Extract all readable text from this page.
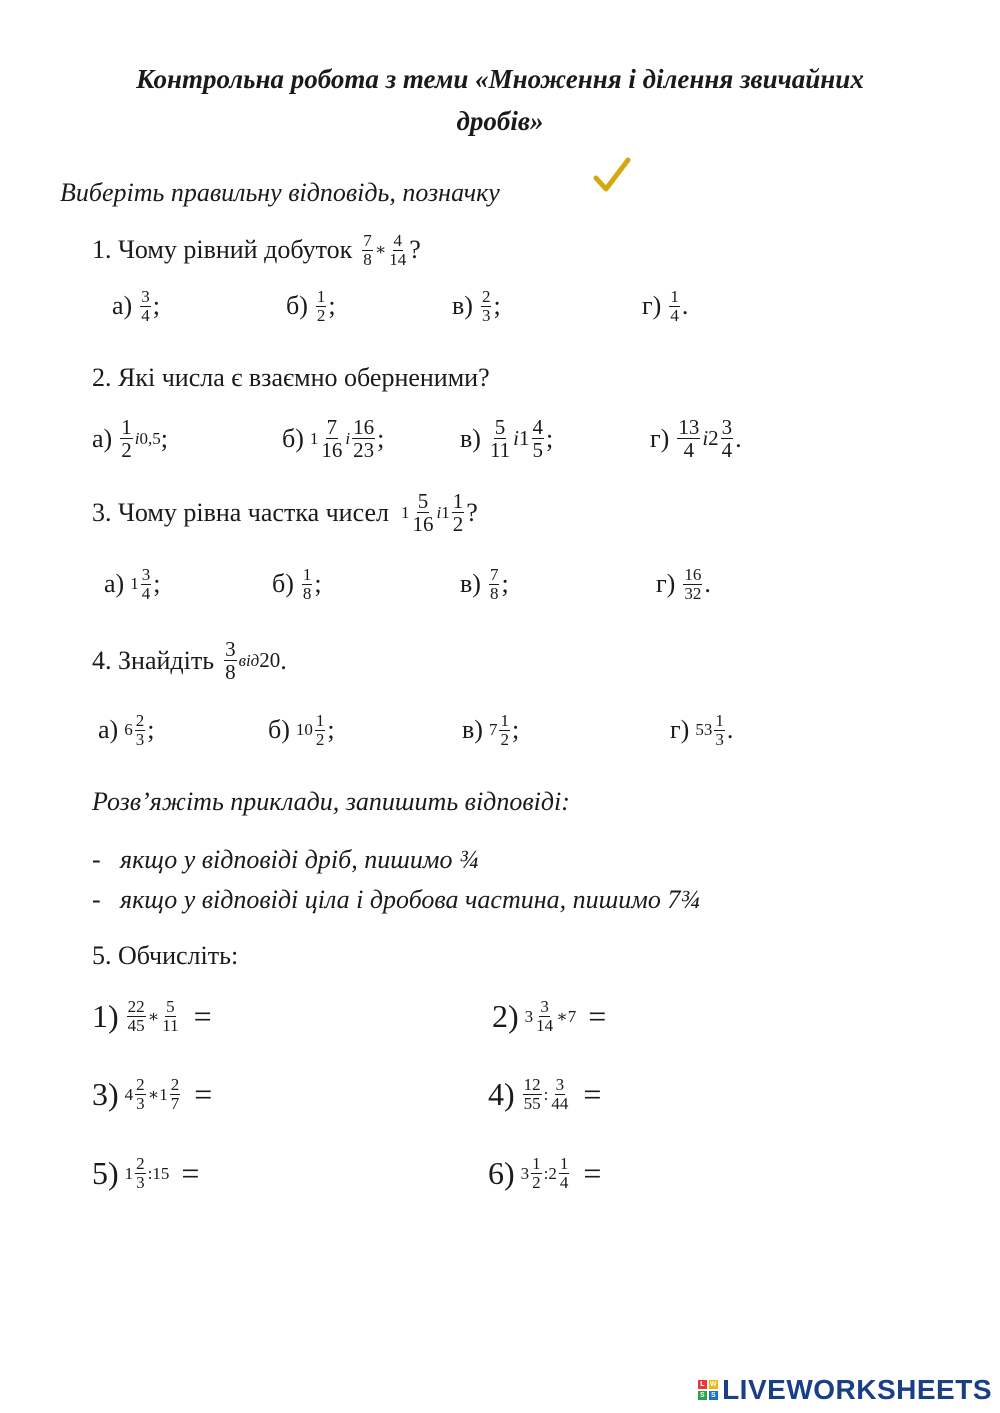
Контрольна робота з теми «Множення і ділення звичайних
дробів»
Виберіть правильну відповідь, позначку
1. Чому рівний добуток $\frac{7}{8}$ ∗ $\frac{4}{14}$ ?
$а) \frac{3}{4}$ ;	$б) \frac{1}{2}$ ;	$в) \frac{2}{3}$ ;	$г) \frac{1}{4}$ .
2. Які числа є взаємно оберненими?
$а) \frac{1}{2}$ і 0,5 ;	б) $1 \frac{7}{16}$ і $\frac{16}{23}$ ;	$в) \frac{5}{11}$ і $1 \frac{4}{5}$ ;	$г) \frac{13}{4}$ і $2 \frac{3}{4}$ .
3. Чому рівна частка чисел $1 \frac{5}{16}$ і $1 \frac{1}{2}$ ?
а) $1 \frac{3}{4}$ ;	$б) \frac{1}{8}$ ;	$в) \frac{7}{8}$ ;	$г) \frac{16}{32}$ .
4. Знайдіть $\frac{3}{8}$ від 20 .
а) $6 \frac{2}{3}$ ;	б) $10 \frac{1}{2}$ ;	в) $7 \frac{1}{2}$ ;	г) $53 \frac{1}{3}$ .
Розв’яжіть приклади, запишить відповіді:
- якщо у відповіді дріб, пишимо ¾
- якщо у відповіді ціла і дробова частина, пишимо 7¾
5. Обчисліть:
$1) \frac{22}{45}$ ∗ $\frac{5}{11}$ =	2) $3 \frac{3}{14}$ ∗ 7 =
3) $4 \frac{2}{3}$ ∗ $1 \frac{2}{7}$ =	$4) \frac{12}{55}$ : $\frac{3}{44}$ =
5) $1 \frac{2}{3}$ : 15 =	6) $3 \frac{1}{2}$ : $2 \frac{1}{4}$ =
L W
S S LIVEWORKSHEETS
